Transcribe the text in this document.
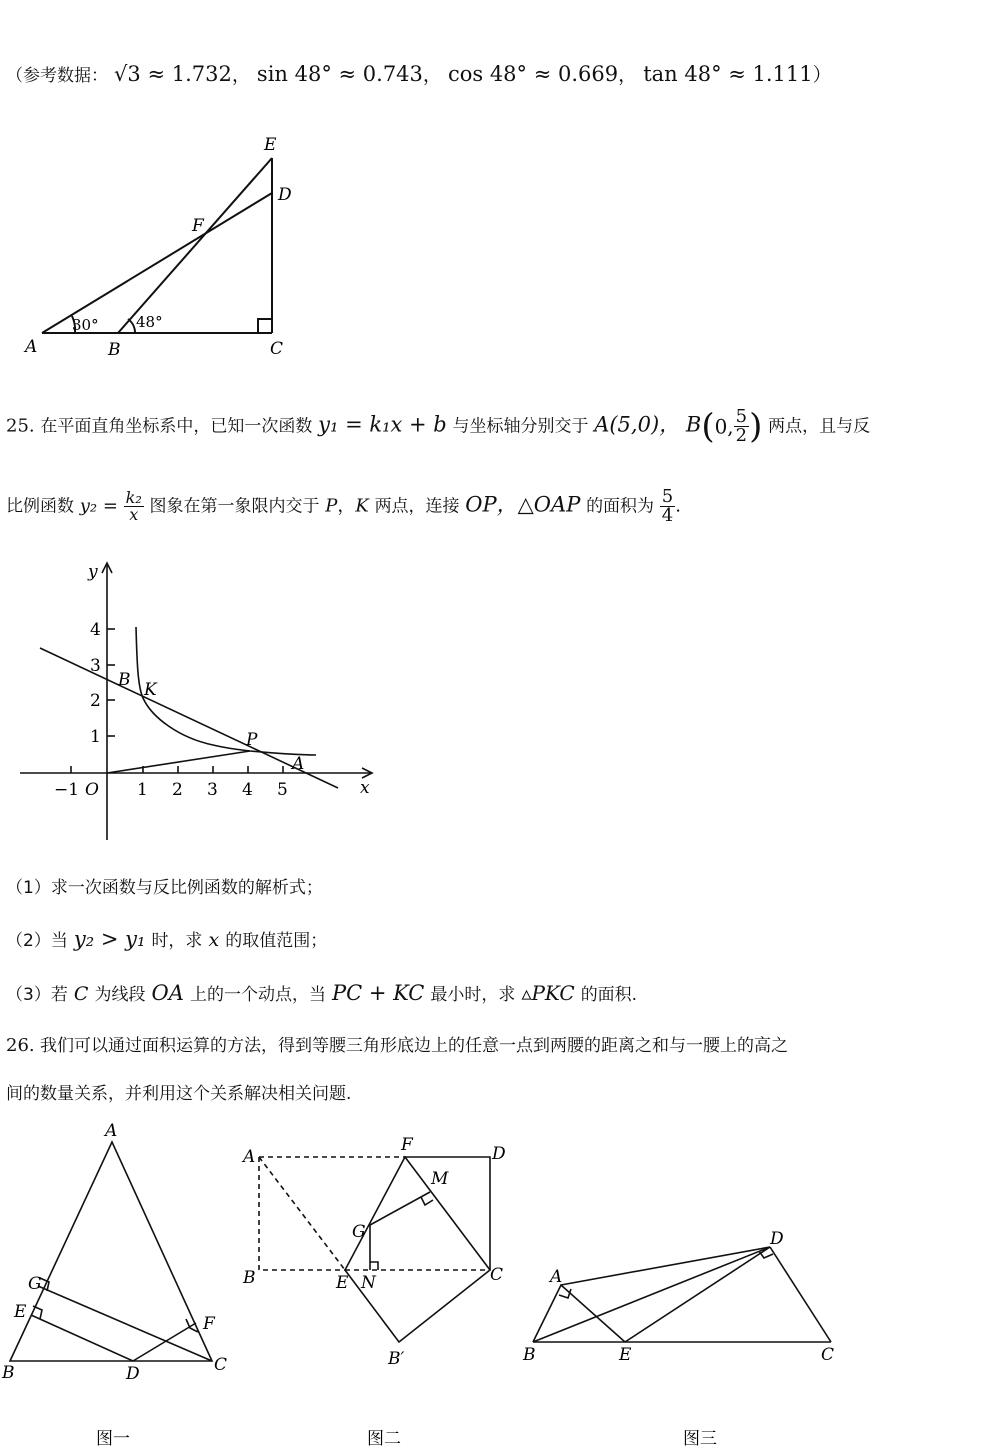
（参考数据： √3 ≈ 1.732， sin 48° ≈ 0.743， cos 48° ≈ 0.669， tan 48° ≈ 1.111）
A	B	C
D
E
F
30° 48°
25. 在平面直角坐标系中，已知一次函数 y₁ = k₁x + b 与坐标轴分别交于 A(5,0)， B(0, $\frac{5}{2}$ ) 两点，且与反
比例函数 $y_2 = \frac{\text{k₂}}{x}$ 图象在第一象限内交于 P，K 两点，连接 OP，△OAP 的面积为 $\frac{5}{4}$ .
y
x
O
−1	1 2 3 4 5
1
2
3
4
B K
P
A
（1）求一次函数与反比例函数的解析式；
（2）当 y₂ > y₁ 时，求 x 的取值范围；
（3）若 C 为线段 OA 上的一个动点，当 PC + KC 最小时，求 ▵PKC 的面积.
26. 我们可以通过面积运算的方法，得到等腰三角形底边上的任意一点到两腰的距离之和与一腰上的高之
间的数量关系，并利用这个关系解决相关问题.
A
B	C
D
E
F
G
图一
A
B	C
D
E
F
G
M
N
B′
图二
A
B	C
D
E
图三
